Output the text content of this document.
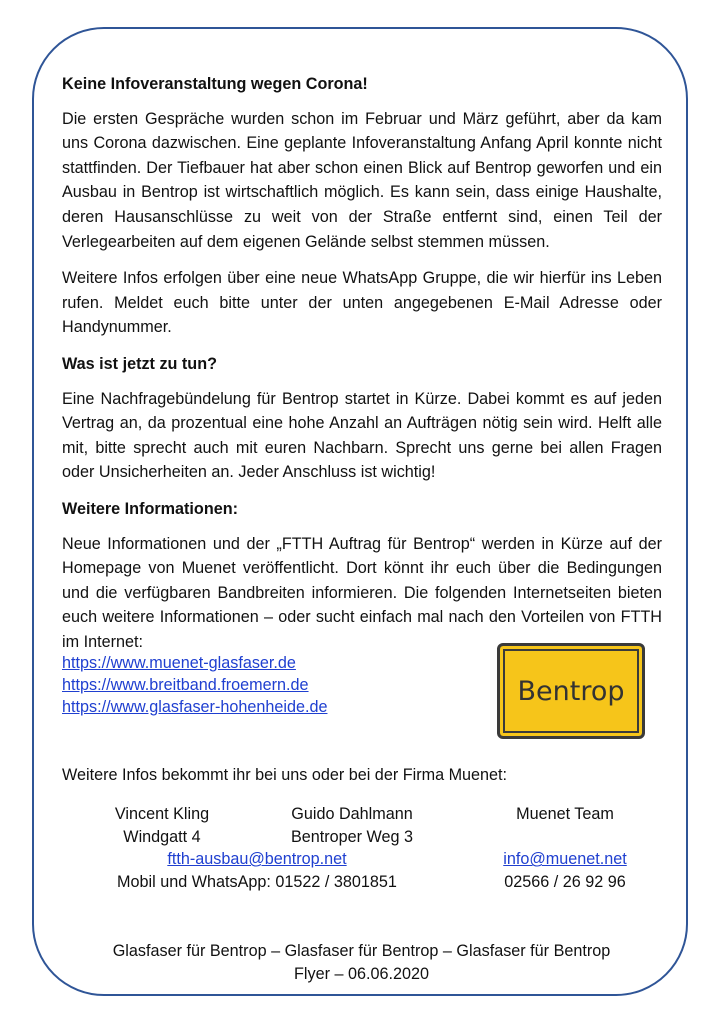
Keine Infoveranstaltung wegen Corona!

Die ersten Gespräche wurden schon im Februar und März geführt, aber da kam uns Corona dazwischen. Eine geplante Infoveranstaltung Anfang April konnte nicht stattfinden. Der Tiefbauer hat aber schon einen Blick auf Bentrop geworfen und ein Ausbau in Bentrop ist wirtschaftlich möglich. Es kann sein, dass einige Haushalte, deren Hausanschlüsse zu weit von der Straße entfernt sind, einen Teil der Verlegearbeiten auf dem eigenen Gelände selbst stemmen müssen.

Weitere Infos erfolgen über eine neue WhatsApp Gruppe, die wir hierfür ins Leben rufen. Meldet euch bitte unter der unten angegebenen E-Mail Adresse oder Handynummer.

Was ist jetzt zu tun?

Eine Nachfragebündelung für Bentrop startet in Kürze. Dabei kommt es auf jeden Vertrag an, da prozentual eine hohe Anzahl an Aufträgen nötig sein wird. Helft alle mit, bitte sprecht auch mit euren Nachbarn. Sprecht uns gerne bei allen Fragen oder Unsicherheiten an. Jeder Anschluss ist wichtig!

Weitere Informationen:

Neue Informationen und der „FTTH Auftrag für Bentrop“ werden in Kürze auf der Homepage von Muenet veröffentlicht. Dort könnt ihr euch über die Bedingungen und die verfügbaren Bandbreiten informieren. Die folgenden Internetseiten bieten euch weitere Informationen – oder sucht einfach mal nach den Vorteilen von FTTH im Internet:

https://www.muenet-glasfaser.de
https://www.breitband.froemern.de
https://www.glasfaser-hohenheide.de
Bentrop
Weitere Infos bekommt ihr bei uns oder bei der Firma Muenet:
Vincent Kling
Windgatt 4
Guido Dahlmann
Bentroper Weg 3
ftth-ausbau@bentrop.net
Mobil und WhatsApp: 01522 / 3801851
Muenet Team
info@muenet.net
02566 / 26 92 96
Glasfaser für Bentrop – Glasfaser für Bentrop – Glasfaser für Bentrop
Flyer – 06.06.2020
